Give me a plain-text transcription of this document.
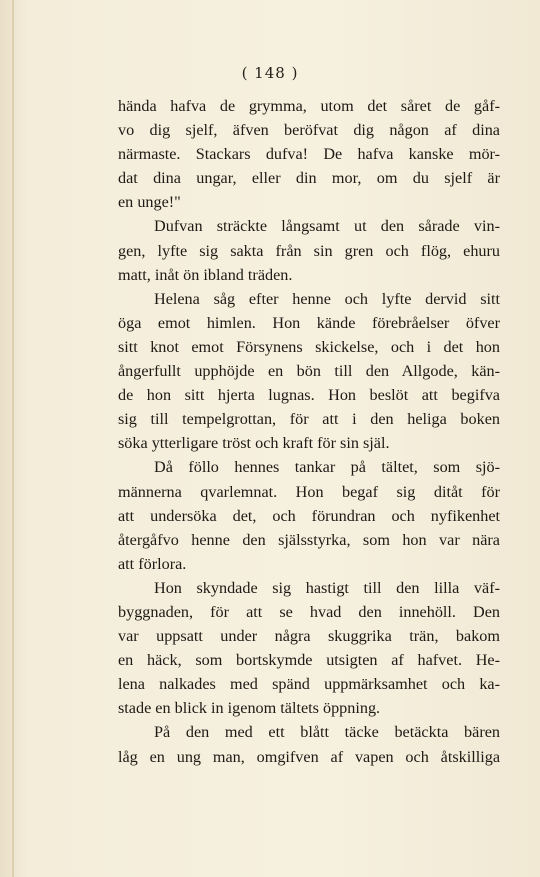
( 148 )
hända hafva de grymma, utom det såret de gåf-
vo dig sjelf, äfven beröfvat dig någon af dina
närmaste. Stackars dufva! De hafva kanske mör-
dat dina ungar, eller din mor, om du sjelf är
en unge!"
Dufvan sträckte långsamt ut den sårade vin-
gen, lyfte sig sakta från sin gren och flög, ehuru
matt, inåt ön ibland träden.
Helena såg efter henne och lyfte dervid sitt
öga emot himlen. Hon kände förebråelser öfver
sitt knot emot Försynens skickelse, och i det hon
ångerfullt upphöjde en bön till den Allgode, kän-
de hon sitt hjerta lugnas. Hon beslöt att begifva
sig till tempelgrottan, för att i den heliga boken
söka ytterligare tröst och kraft för sin själ.
Då föllo hennes tankar på tältet, som sjö-
männerna qvarlemnat. Hon begaf sig ditåt för
att undersöka det, och förundran och nyfikenhet
återgåfvo henne den själsstyrka, som hon var nära
att förlora.
Hon skyndade sig hastigt till den lilla väf-
byggnaden, för att se hvad den innehöll. Den
var uppsatt under några skuggrika trän, bakom
en häck, som bortskymde utsigten af hafvet. He-
lena nalkades med spänd uppmärksamhet och ka-
stade en blick in igenom tältets öppning.
På den med ett blått täcke betäckta bären
låg en ung man, omgifven af vapen och åtskilliga
